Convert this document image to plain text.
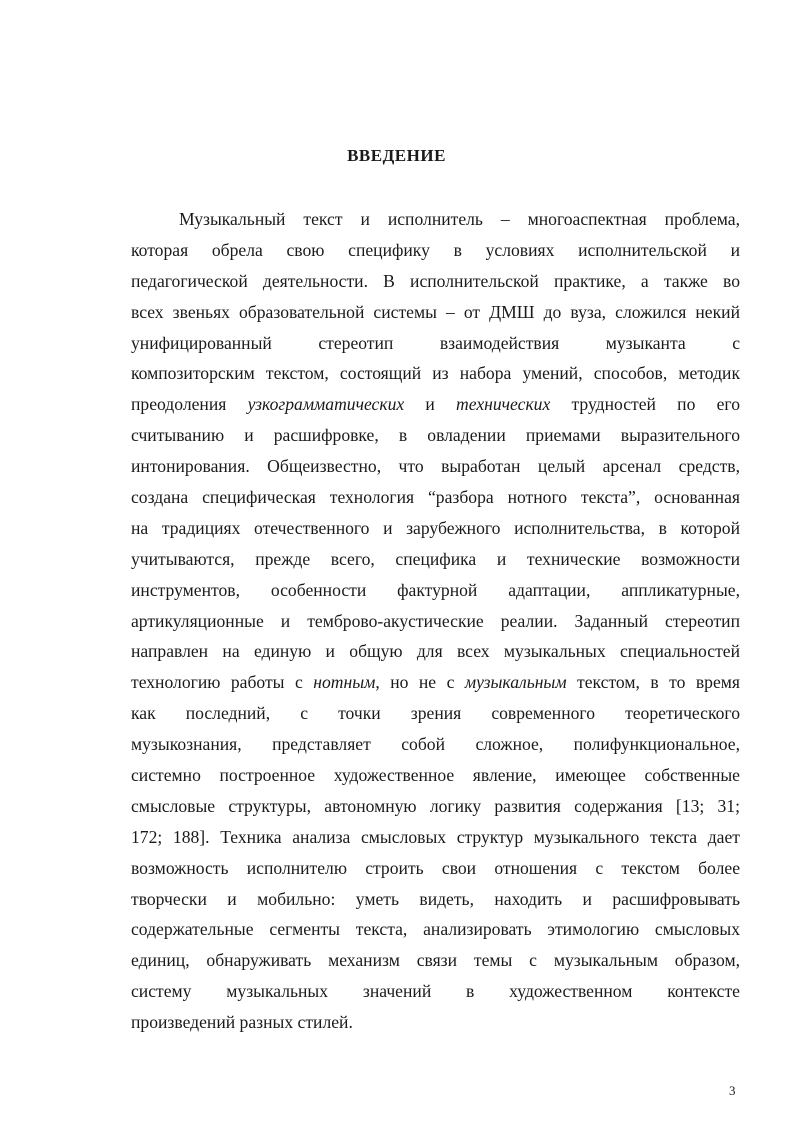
ВВЕДЕНИЕ
Музыкальный текст и исполнитель – многоаспектная проблема,
которая обрела свою специфику в условиях исполнительской и
педагогической деятельности. В исполнительской практике, а также во
всех звеньях образовательной системы – от ДМШ до вуза, сложился некий
унифицированный стереотип взаимодействия музыканта с
композиторским текстом, состоящий из набора умений, способов, методик
преодоления узкограмматических и технических трудностей по его
считыванию и расшифровке, в овладении приемами выразительного
интонирования. Общеизвестно, что выработан целый арсенал средств,
создана специфическая технология “разбора нотного текста”, основанная
на традициях отечественного и зарубежного исполнительства, в которой
учитываются, прежде всего, специфика и технические возможности
инструментов, особенности фактурной адаптации, аппликатурные,
артикуляционные и темброво-акустические реалии. Заданный стереотип
направлен на единую и общую для всех музыкальных специальностей
технологию работы с нотным, но не с музыкальным текстом, в то время
как последний, с точки зрения современного теоретического
музыкознания, представляет собой сложное, полифункциональное,
системно построенное художественное явление, имеющее собственные
смысловые структуры, автономную логику развития содержания [13; 31;
172; 188]. Техника анализа смысловых структур музыкального текста дает
возможность исполнителю строить свои отношения с текстом более
творчески и мобильно: уметь видеть, находить и расшифровывать
содержательные сегменты текста, анализировать этимологию смысловых
единиц, обнаруживать механизм связи темы с музыкальным образом,
систему музыкальных значений в художественном контексте
произведений разных стилей.
3
